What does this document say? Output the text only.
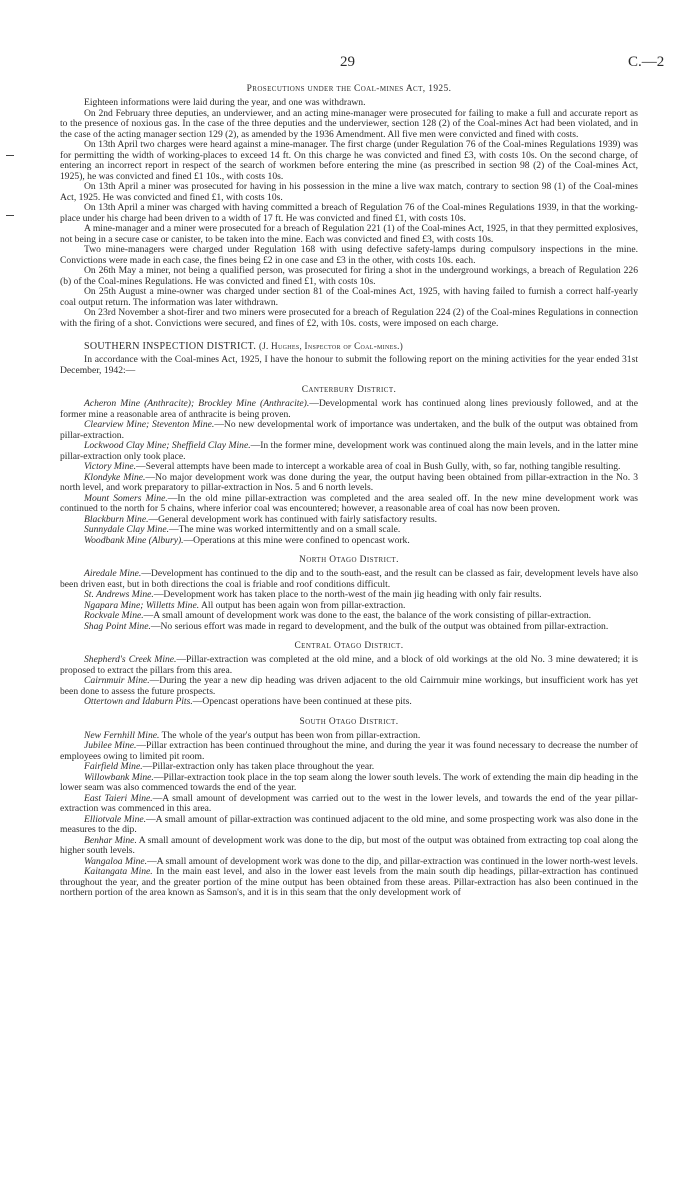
29	C.—2
Prosecutions under the Coal-mines Act, 1925.

Eighteen informations were laid during the year, and one was withdrawn.

On 2nd February three deputies, an underviewer, and an acting mine-manager were prosecuted for failing to make a full and accurate report as to the presence of noxious gas. In the case of the three deputies and the underviewer, section 128 (2) of the Coal-mines Act had been violated, and in the case of the acting manager section 129 (2), as amended by the 1936 Amendment. All five men were convicted and fined with costs.

On 13th April two charges were heard against a mine-manager. The first charge (under Regulation 76 of the Coal-mines Regulations 1939) was for permitting the width of working-places to exceed 14 ft. On this charge he was convicted and fined £3, with costs 10s. On the second charge, of entering an incorrect report in respect of the search of workmen before entering the mine (as prescribed in section 98 (2) of the Coal-mines Act, 1925), he was convicted and fined £1 10s., with costs 10s.

On 13th April a miner was prosecuted for having in his possession in the mine a live wax match, contrary to section 98 (1) of the Coal-mines Act, 1925. He was convicted and fined £1, with costs 10s.

On 13th April a miner was charged with having committed a breach of Regulation 76 of the Coal-mines Regulations 1939, in that the working-place under his charge had been driven to a width of 17 ft. He was convicted and fined £1, with costs 10s.

A mine-manager and a miner were prosecuted for a breach of Regulation 221 (1) of the Coal-mines Act, 1925, in that they permitted explosives, not being in a secure case or canister, to be taken into the mine. Each was convicted and fined £3, with costs 10s.

Two mine-managers were charged under Regulation 168 with using defective safety-lamps during compulsory inspections in the mine. Convictions were made in each case, the fines being £2 in one case and £3 in the other, with costs 10s. each.

On 26th May a miner, not being a qualified person, was prosecuted for firing a shot in the underground workings, a breach of Regulation 226 (b) of the Coal-mines Regulations. He was convicted and fined £1, with costs 10s.

On 25th August a mine-owner was charged under section 81 of the Coal-mines Act, 1925, with having failed to furnish a correct half-yearly coal output return. The information was later withdrawn.

On 23rd November a shot-firer and two miners were prosecuted for a breach of Regulation 224 (2) of the Coal-mines Regulations in connection with the firing of a shot. Convictions were secured, and fines of £2, with 10s. costs, were imposed on each charge.

SOUTHERN INSPECTION DISTRICT. (J. Hughes, Inspector of Coal-mines.)

In accordance with the Coal-mines Act, 1925, I have the honour to submit the following report on the mining activities for the year ended 31st December, 1942:—

Canterbury District.

Acheron Mine (Anthracite); Brockley Mine (Anthracite).—Developmental work has continued along lines previously followed, and at the former mine a reasonable area of anthracite is being proven.

Clearview Mine; Steventon Mine.—No new developmental work of importance was undertaken, and the bulk of the output was obtained from pillar-extraction.

Lockwood Clay Mine; Sheffield Clay Mine.—In the former mine, development work was continued along the main levels, and in the latter mine pillar-extraction only took place.

Victory Mine.—Several attempts have been made to intercept a workable area of coal in Bush Gully, with, so far, nothing tangible resulting.

Klondyke Mine.—No major development work was done during the year, the output having been obtained from pillar-extraction in the No. 3 north level, and work preparatory to pillar-extraction in Nos. 5 and 6 north levels.

Mount Somers Mine.—In the old mine pillar-extraction was completed and the area sealed off. In the new mine development work was continued to the north for 5 chains, where inferior coal was encountered; however, a reasonable area of coal has now been proven.

Blackburn Mine.—General development work has continued with fairly satisfactory results.

Sunnydale Clay Mine.—The mine was worked intermittently and on a small scale.

Woodbank Mine (Albury).—Operations at this mine were confined to opencast work.

North Otago District.

Airedale Mine.—Development has continued to the dip and to the south-east, and the result can be classed as fair, development levels have also been driven east, but in both directions the coal is friable and roof conditions difficult.

St. Andrews Mine.—Development work has taken place to the north-west of the main jig heading with only fair results.

Ngapara Mine; Willetts Mine. All output has been again won from pillar-extraction.

Rockvale Mine.—A small amount of development work was done to the east, the balance of the work consisting of pillar-extraction.

Shag Point Mine.—No serious effort was made in regard to development, and the bulk of the output was obtained from pillar-extraction.

Central Otago District.

Shepherd's Creek Mine.—Pillar-extraction was completed at the old mine, and a block of old workings at the old No. 3 mine dewatered; it is proposed to extract the pillars from this area.

Cairnmuir Mine.—During the year a new dip heading was driven adjacent to the old Cairnmuir mine workings, but insufficient work has yet been done to assess the future prospects.

Ottertown and Idaburn Pits.—Opencast operations have been continued at these pits.

South Otago District.

New Fernhill Mine. The whole of the year's output has been won from pillar-extraction.

Jubilee Mine.—Pillar extraction has been continued throughout the mine, and during the year it was found necessary to decrease the number of employees owing to limited pit room.

Fairfield Mine.—Pillar-extraction only has taken place throughout the year.

Willowbank Mine.—Pillar-extraction took place in the top seam along the lower south levels. The work of extending the main dip heading in the lower seam was also commenced towards the end of the year.

East Taieri Mine.—A small amount of development was carried out to the west in the lower levels, and towards the end of the year pillar-extraction was commenced in this area.

Elliotvale Mine.—A small amount of pillar-extraction was continued adjacent to the old mine, and some prospecting work was also done in the measures to the dip.

Benhar Mine. A small amount of development work was done to the dip, but most of the output was obtained from extracting top coal along the higher south levels.

Wangaloa Mine.—A small amount of development work was done to the dip, and pillar-extraction was continued in the lower north-west levels.

Kaitangata Mine. In the main east level, and also in the lower east levels from the main south dip headings, pillar-extraction has continued throughout the year, and the greater portion of the mine output has been obtained from these areas. Pillar-extraction has also been continued in the northern portion of the area known as Samson's, and it is in this seam that the only development work of
